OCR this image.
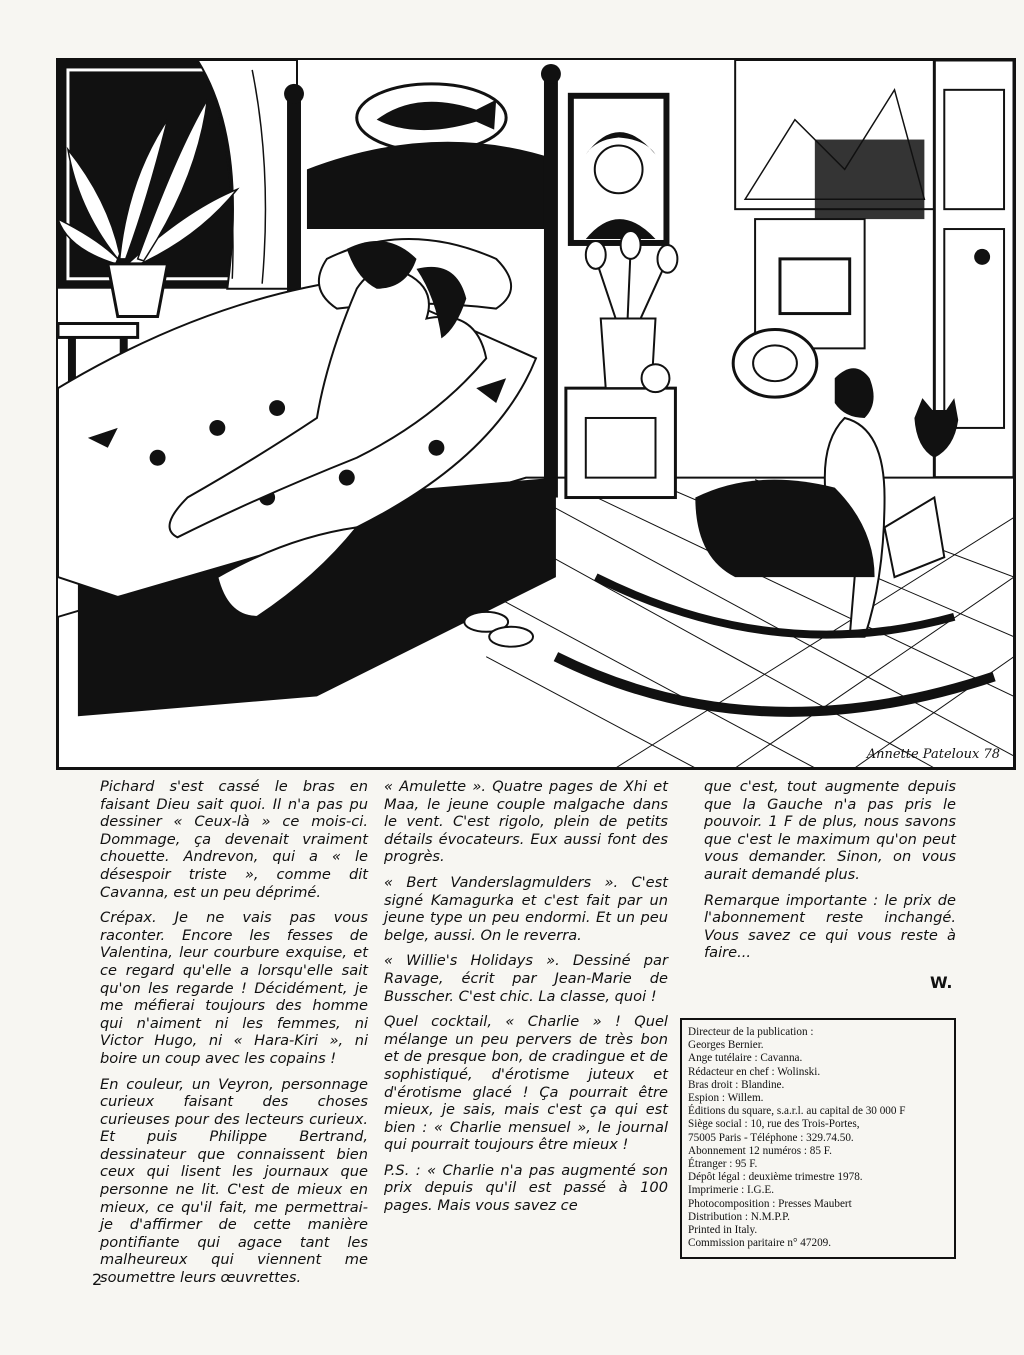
Annette Pateloux 78

Pichard s'est cassé le bras en faisant Dieu sait quoi. Il n'a pas pu dessiner « Ceux-là » ce mois-ci. Dommage, ça devenait vraiment chouette. Andrevon, qui a « le désespoir triste », comme dit Cavanna, est un peu déprimé.

Crépax. Je ne vais pas vous raconter. Encore les fesses de Valentina, leur courbure exquise, et ce regard qu'elle a lorsqu'elle sait qu'on les regarde ! Décidément, je me méfierai toujours des homme qui n'aiment ni les femmes, ni Victor Hugo, ni « Hara-Kiri », ni boire un coup avec les copains !

En couleur, un Veyron, personnage curieux faisant des choses curieuses pour des lecteurs curieux. Et puis Philippe Bertrand, dessinateur que connaissent bien ceux qui lisent les journaux que personne ne lit. C'est de mieux en mieux, ce qu'il fait, me permettrai-je d'affirmer de cette manière pontifiante qui agace tant les malheureux qui viennent me soumettre leurs œuvrettes.

« Amulette ». Quatre pages de Xhi et Maa, le jeune couple malgache dans le vent. C'est rigolo, plein de petits détails évocateurs. Eux aussi font des progrès.

« Bert Vanderslagmulders ». C'est signé Kamagurka et c'est fait par un jeune type un peu endormi. Et un peu belge, aussi. On le reverra.

« Willie's Holidays ». Dessiné par Ravage, écrit par Jean-Marie de Busscher. C'est chic. La classe, quoi !

Quel cocktail, « Charlie » ! Quel mélange un peu pervers de très bon et de presque bon, de cradingue et de sophistiqué, d'érotisme juteux et d'érotisme glacé ! Ça pourrait être mieux, je sais, mais c'est ça qui est bien : « Charlie mensuel », le journal qui pourrait toujours être mieux !

P.S. : « Charlie n'a pas augmenté son prix depuis qu'il est passé à 100 pages. Mais vous savez ce

que c'est, tout augmente depuis que la Gauche n'a pas pris le pouvoir. 1 F de plus, nous savons que c'est le maximum qu'on peut vous demander. Sinon, on vous aurait demandé plus.

Remarque importante : le prix de l'abonnement reste inchangé. Vous savez ce qui vous reste à faire...

W.
Directeur de la publication :
Georges Bernier.
Ange tutélaire : Cavanna.
Rédacteur en chef : Wolinski.
Bras droit : Blandine.
Espion : Willem.
Éditions du square, s.a.r.l. au capital de 30 000 F
Siège social : 10, rue des Trois-Portes,
75005 Paris - Téléphone : 329.74.50.
Abonnement 12 numéros : 85 F.
Étranger : 95 F.
Dépôt légal : deuxième trimestre 1978.
Imprimerie : I.G.E.
Photocomposition : Presses Maubert
Distribution : N.M.P.P.
Printed in Italy.
Commission paritaire n° 47209.
2
